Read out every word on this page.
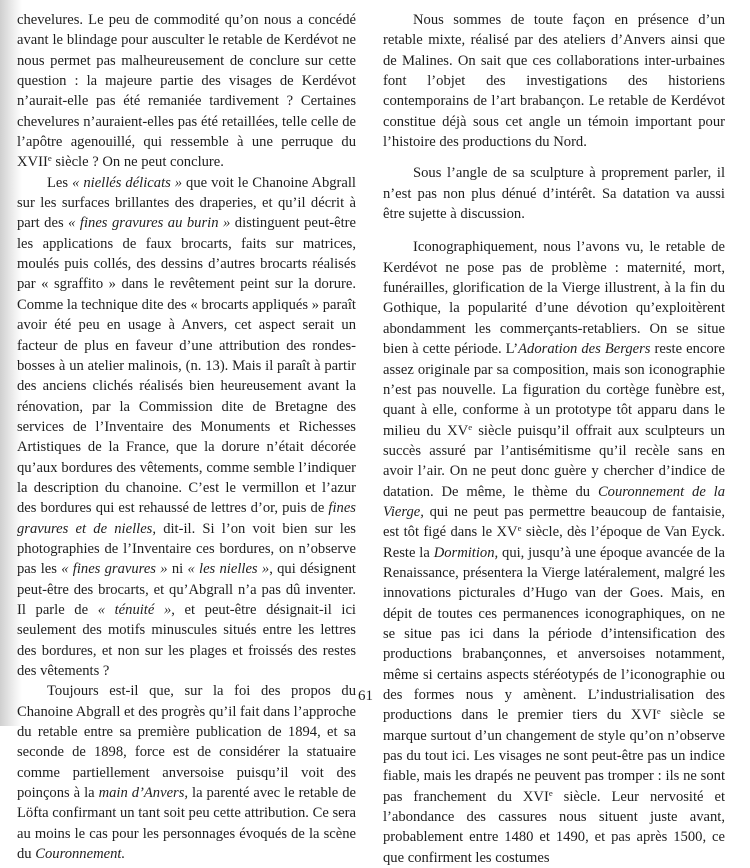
chevelures. Le peu de commodité qu’on nous a concédé avant le blindage pour ausculter le retable de Kerdévot ne nous permet pas malheureusement de conclure sur cette question : la majeure partie des visages de Kerdévot n’aurait-elle pas été remaniée tardivement ? Certaines chevelures n’auraient-elles pas été retaillées, telle celle de l’apôtre agenouillé, qui ressemble à une perruque du XVIIe siècle ? On ne peut conclure.

Les « niellés délicats » que voit le Chanoine Abgrall sur les surfaces brillantes des draperies, et qu’il décrit à part des « fines gravures au burin » distinguent peut-être les applications de faux brocarts, faits sur matrices, moulés puis collés, des dessins d’autres brocarts réalisés par « sgraffito » dans le revêtement peint sur la dorure. Comme la technique dite des « brocarts appliqués » paraît avoir été peu en usage à Anvers, cet aspect serait un facteur de plus en faveur d’une attribution des rondes-bosses à un atelier malinois, (n. 13). Mais il paraît à partir des anciens clichés réalisés bien heureusement avant la rénovation, par la Commission dite de Bretagne des services de l’Inventaire des Monuments et Richesses Artistiques de la France, que la dorure n’était décorée qu’aux bordures des vêtements, comme semble l’indiquer la description du chanoine. C’est le vermillon et l’azur des bordures qui est rehaussé de lettres d’or, puis de fines gravures et de nielles, dit-il. Si l’on voit bien sur les photographies de l’Inventaire ces bordures, on n’observe pas les « fines gravures » ni « les nielles », qui désignent peut-être des brocarts, et qu’Abgrall n’a pas dû inventer. Il parle de « ténuité », et peut-être désignait-il ici seulement des motifs minuscules situés entre les lettres des bordures, et non sur les plages et froissés des restes des vêtements ?

Toujours est-il que, sur la foi des propos du Chanoine Abgrall et des progrès qu’il fait dans l’approche du retable entre sa première publication de 1894, et sa seconde de 1898, force est de considérer la statuaire comme partiellement anversoise puisqu’il voit des poinçons à la main d’Anvers, la parenté avec le retable de Löfta confirmant un tant soit peu cette attribution. Ce sera au moins le cas pour les personnages évoqués de la scène du Couronnement.

Nous sommes de toute façon en présence d’un retable mixte, réalisé par des ateliers d’Anvers ainsi que de Malines. On sait que ces collaborations inter-urbaines font l’objet des investigations des historiens contemporains de l’art brabançon. Le retable de Kerdévot constitue déjà sous cet angle un témoin important pour l’histoire des productions du Nord.

Sous l’angle de sa sculpture à proprement parler, il n’est pas non plus dénué d’intérêt. Sa datation va aussi être sujette à discussion.

Iconographiquement, nous l’avons vu, le retable de Kerdévot ne pose pas de problème : maternité, mort, funérailles, glorification de la Vierge illustrent, à la fin du Gothique, la popularité d’une dévotion qu’exploitèrent abondamment les commerçants-retabliers. On se situe bien à cette période. L’Adoration des Bergers reste encore assez originale par sa composition, mais son iconographie n’est pas nouvelle. La figuration du cortège funèbre est, quant à elle, conforme à un prototype tôt apparu dans le milieu du XVe siècle puisqu’il offrait aux sculpteurs un succès assuré par l’antisémitisme qu’il recèle sans en avoir l’air. On ne peut donc guère y chercher d’indice de datation. De même, le thème du Couronnement de la Vierge, qui ne peut pas permettre beaucoup de fantaisie, est tôt figé dans le XVe siècle, dès l’époque de Van Eyck. Reste la Dormition, qui, jusqu’à une époque avancée de la Renaissance, présentera la Vierge latéralement, malgré les innovations picturales d’Hugo van der Goes. Mais, en dépit de toutes ces permanences iconographiques, on ne se situe pas ici dans la période d’intensification des productions brabançonnes, et anversoises notamment, même si certains aspects stéréotypés de l’iconographie ou des formes nous y amènent. L’industrialisation des productions dans le premier tiers du XVIe siècle se marque surtout d’un changement de style qu’on n’observe pas du tout ici. Les visages ne sont peut-être pas un indice fiable, mais les drapés ne peuvent pas tromper : ils ne sont pas franchement du XVIe siècle. Leur nervosité et l’abondance des cassures nous situent juste avant, probablement entre 1480 et 1490, et pas après 1500, ce que confirment les costumes

61
